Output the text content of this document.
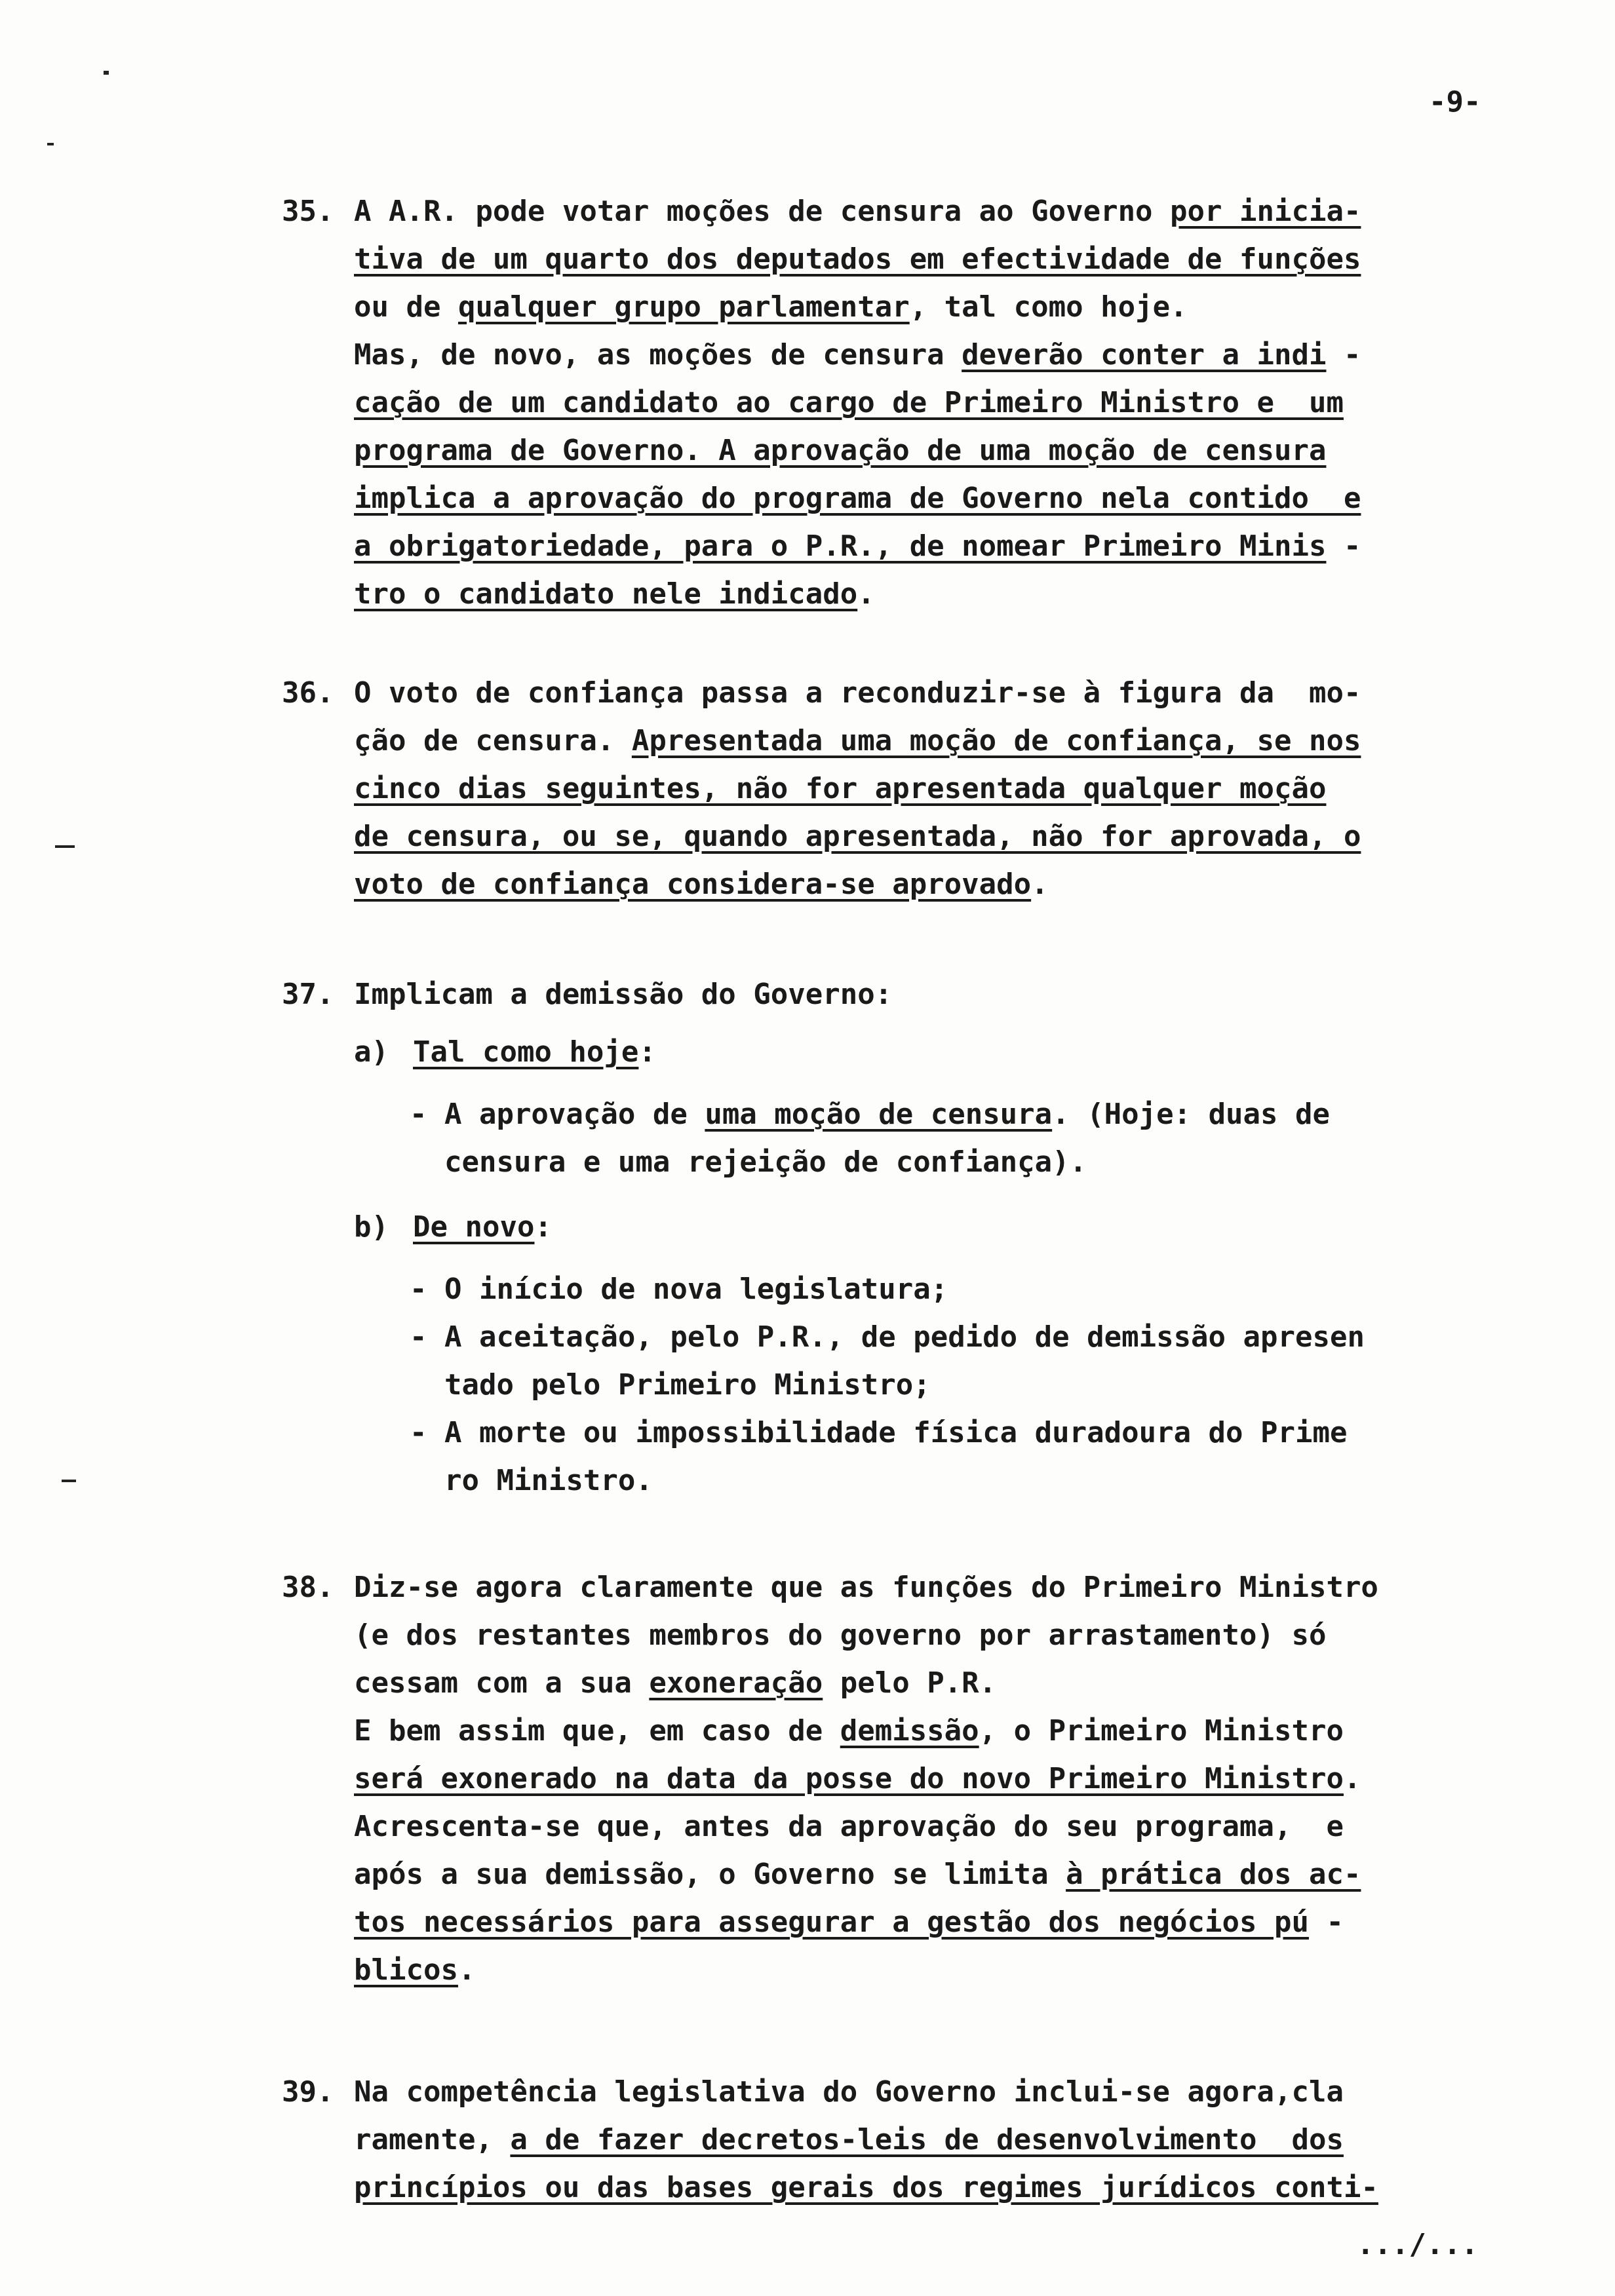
-9-
35. A A.R. pode votar moções de censura ao Governo por inicia-
tiva de um quarto dos deputados em efectividade de funções
ou de qualquer grupo parlamentar, tal como hoje.
Mas, de novo, as moções de censura deverão conter a indi -
cação de um candidato ao cargo de Primeiro Ministro e  um
programa de Governo. A aprovação de uma moção de censura
implica a aprovação do programa de Governo nela contido  e
a obrigatoriedade, para o P.R., de nomear Primeiro Minis -
tro o candidato nele indicado.
36. O voto de confiança passa a reconduzir-se à figura da  mo-
ção de censura. Apresentada uma moção de confiança, se nos
cinco dias seguintes, não for apresentada qualquer moção
de censura, ou se, quando apresentada, não for aprovada, o
voto de confiança considera-se aprovado.
37. Implicam a demissão do Governo:
a) Tal como hoje:
- A aprovação de uma moção de censura. (Hoje: duas de
censura e uma rejeição de confiança).
b) De novo:
- O início de nova legislatura;
- A aceitação, pelo P.R., de pedido de demissão apresen
tado pelo Primeiro Ministro;
- A morte ou impossibilidade física duradoura do Prime
ro Ministro.
38. Diz-se agora claramente que as funções do Primeiro Ministro
(e dos restantes membros do governo por arrastamento) só
cessam com a sua exoneração pelo P.R.
E bem assim que, em caso de demissão, o Primeiro Ministro
será exonerado na data da posse do novo Primeiro Ministro.
Acrescenta-se que, antes da aprovação do seu programa,  e
após a sua demissão, o Governo se limita à prática dos ac-
tos necessários para assegurar a gestão dos negócios pú -
blicos.
39. Na competência legislativa do Governo inclui-se agora,cla
ramente, a de fazer decretos-leis de desenvolvimento  dos
princípios ou das bases gerais dos regimes jurídicos conti-
.../...
